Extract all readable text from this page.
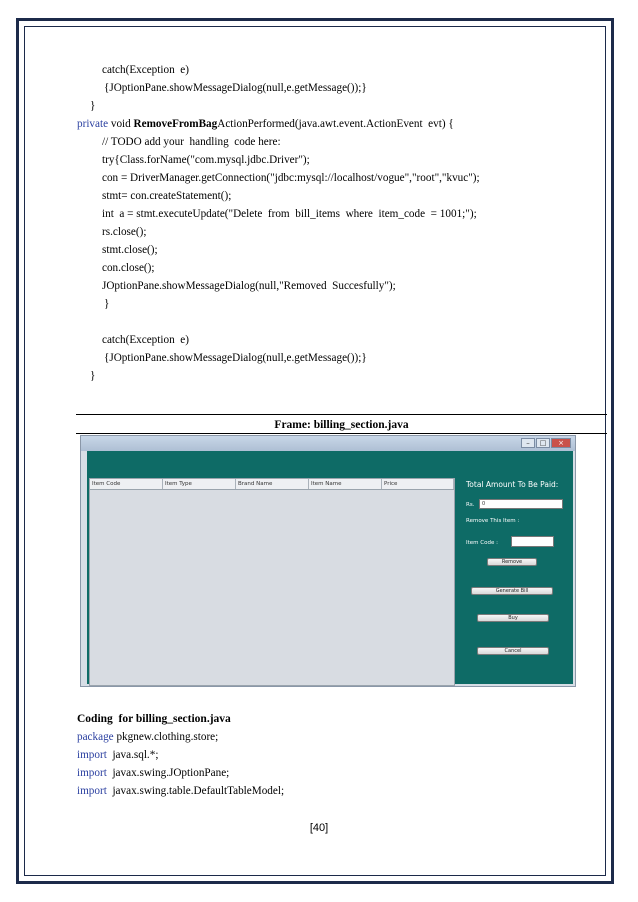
catch(Exception  e)

{JOptionPane.showMessageDialog(null,e.getMessage());}

}

private void RemoveFromBagActionPerformed(java.awt.event.ActionEvent  evt) {

// TODO add your  handling  code here:

try{Class.forName("com.mysql.jdbc.Driver");

con = DriverManager.getConnection("jdbc:mysql://localhost/vogue","root","kvuc");

stmt= con.createStatement();

int  a = stmt.executeUpdate("Delete  from  bill_items  where  item_code  = 1001;");

rs.close();

stmt.close();

con.close();

JOptionPane.showMessageDialog(null,"Removed  Succesfully");

}

catch(Exception  e)

{JOptionPane.showMessageDialog(null,e.getMessage());}

}

Frame: billing_section.java
–	□	×
Item Code	Item Type	Brand Name	Item Name	Price	Total Amount To Be Paid:
Rs.	0
Remove This Item :
Item Code :
Remove
Generate Bill
Buy
Cancel

Coding  for billing_section.java

package pkgnew.clothing.store;

import  java.sql.*;

import  javax.swing.JOptionPane;

import  javax.swing.table.DefaultTableModel;

[40]
